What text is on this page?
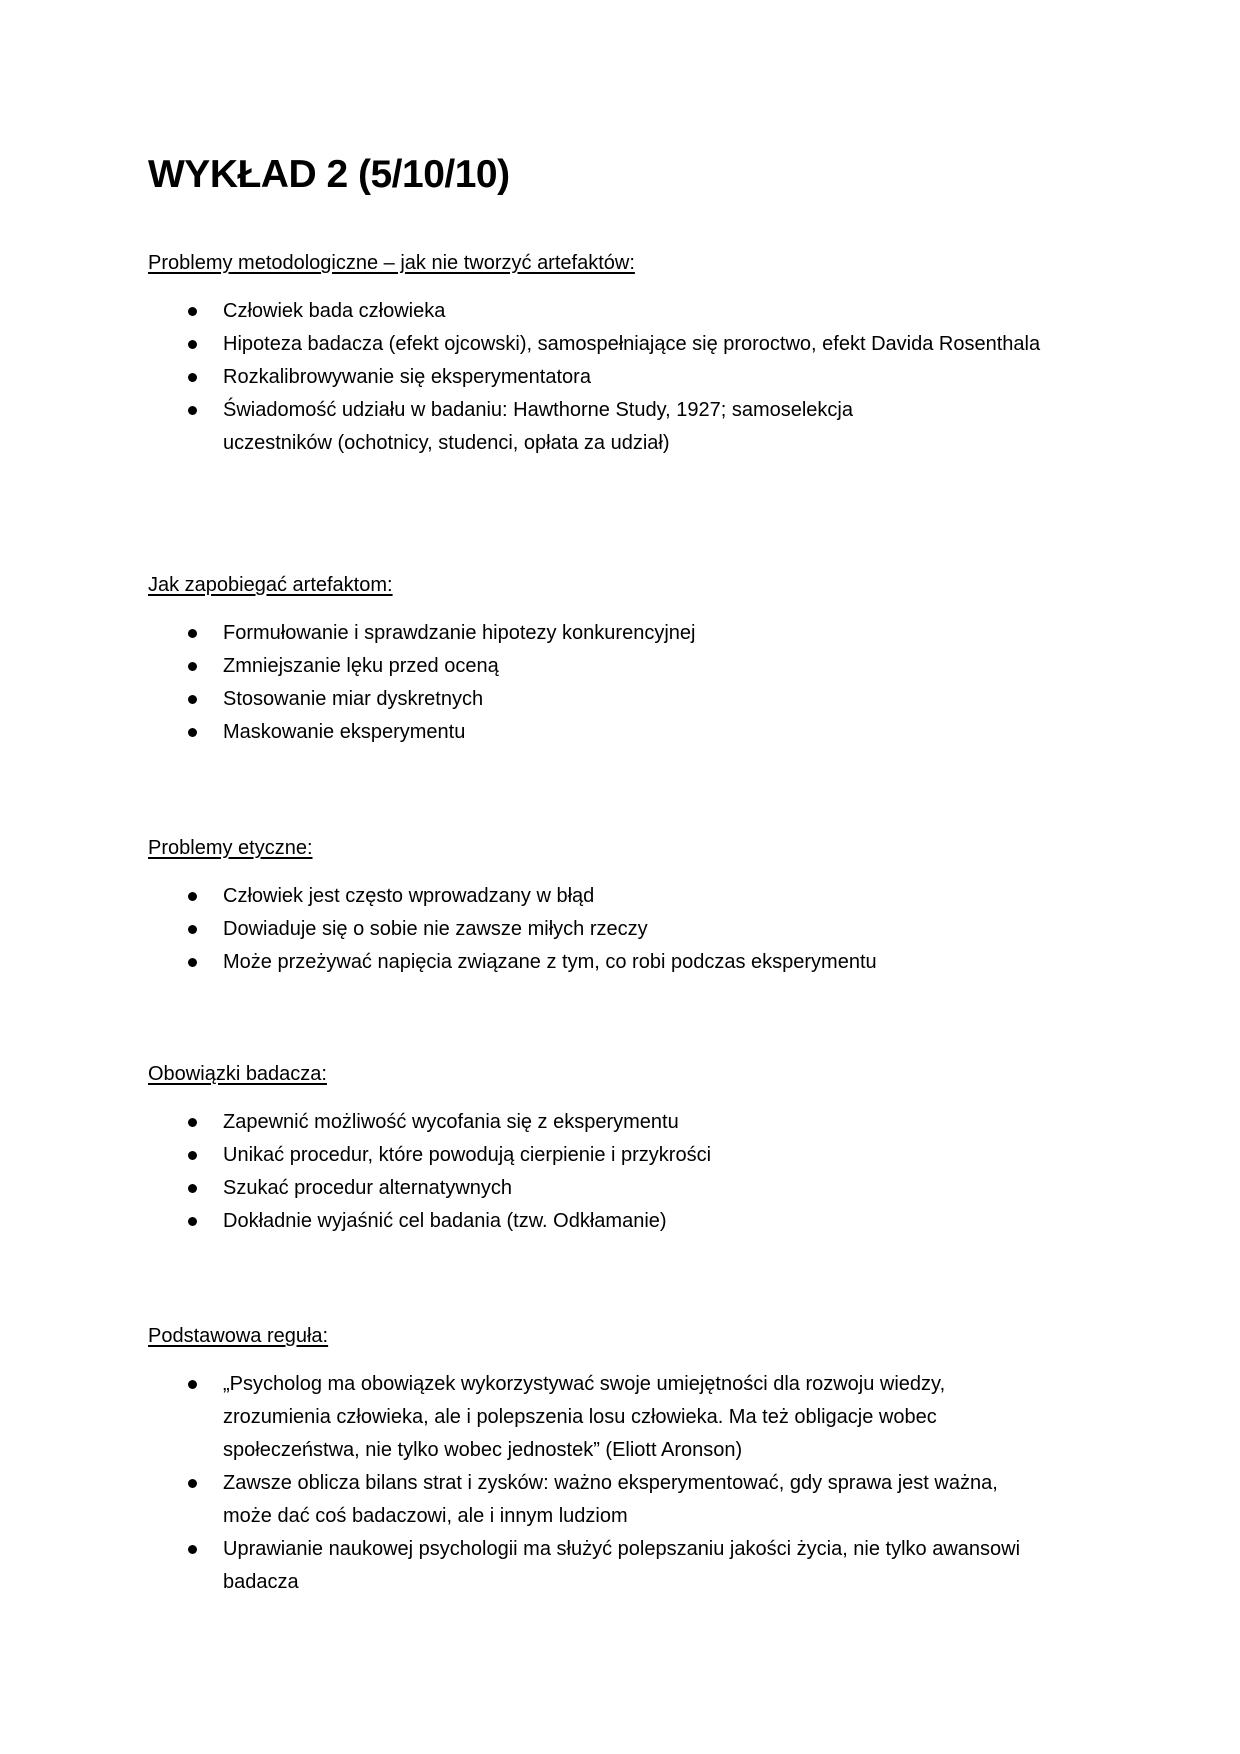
WYKŁAD 2 (5/10/10)
Problemy metodologiczne – jak nie tworzyć artefaktów:
Człowiek bada człowieka
Hipoteza badacza (efekt ojcowski), samospełniające się proroctwo, efekt Davida Rosenthala
Rozkalibrowywanie się eksperymentatora
Świadomość udziału w badaniu: Hawthorne Study, 1927; samoselekcja uczestników (ochotnicy, studenci, opłata za udział)
Jak zapobiegać artefaktom:
Formułowanie i sprawdzanie hipotezy konkurencyjnej
Zmniejszanie lęku przed oceną
Stosowanie miar dyskretnych
Maskowanie eksperymentu
Problemy etyczne:
Człowiek jest często wprowadzany w błąd
Dowiaduje się o sobie nie zawsze miłych rzeczy
Może przeżywać napięcia związane z tym, co robi podczas eksperymentu
Obowiązki badacza:
Zapewnić możliwość wycofania się z eksperymentu
Unikać procedur, które powodują cierpienie i przykrości
Szukać procedur alternatywnych
Dokładnie wyjaśnić cel badania (tzw. Odkłamanie)
Podstawowa reguła:
„Psycholog ma obowiązek wykorzystywać swoje umiejętności dla rozwoju wiedzy, zrozumienia człowieka, ale i polepszenia losu człowieka. Ma też obligacje wobec społeczeństwa, nie tylko wobec jednostek” (Eliott Aronson)
Zawsze oblicza bilans strat i zysków: ważno eksperymentować, gdy sprawa jest ważna, może dać coś badaczowi, ale i innym ludziom
Uprawianie naukowej psychologii ma służyć polepszaniu jakości życia, nie tylko awansowi badacza
